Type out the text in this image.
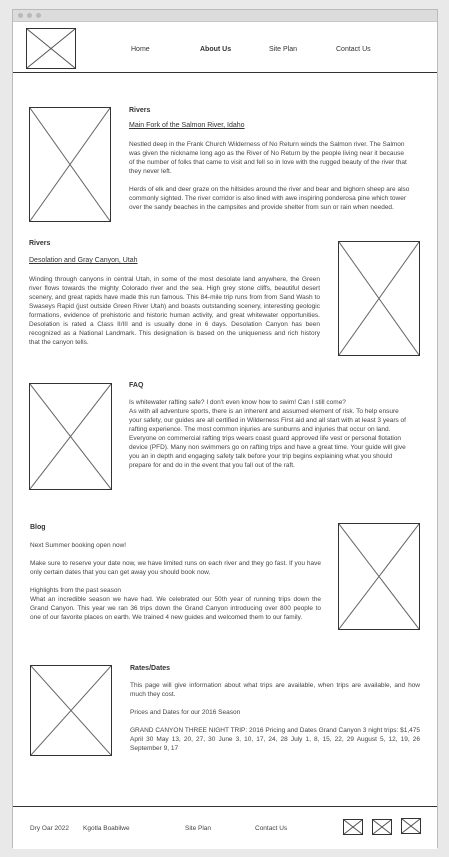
Home	About Us	Site Plan	Contact Us
Rivers
Main Fork of the Salmon River, Idaho

Nestled deep in the Frank Church Wilderness of No Return winds the Salmon river. The Salmon was given the nickname long ago as the River of No Return by the people living near it because of the number of folks that came to visit and fell so in love with the rugged beauty of the river that they never left.

Herds of elk and deer graze on the hillsides around the river and bear and bighorn sheep are also commonly sighted. The river corridor is also lined with awe inspiring ponderosa pine which tower over the sandy beaches in the campsites and provide shelter from sun or rain when needed.

Rivers
Desolation and Gray Canyon, Utah
Winding through canyons in central Utah, in some of the most desolate land anywhere, the Green river flows towards the mighty Colorado river and the sea. High grey stone cliffs, beautiful desert scenery, and great rapids have made this run famous. This 84-mile trip runs from from Sand Wash to Swaseys Rapid (just outside Green River Utah) and boasts outstanding scenery, interesting geologic formations, evidence of prehistoric and historic human activity, and great whitewater opportunities. Desolation is rated a Class II/III and is usually done in 6 days. Desolation Canyon has been recognized as a National Landmark. This designation is based on the uniqueness and rich history that the canyon tells.
FAQ

Is whitewater rafting safe? I don't even know how to swim! Can I still come?

As with all adventure sports, there is an inherent and assumed element of risk. To help ensure your safety, our guides are all certified in Wilderness First aid and all start with at least 3 years of rafting experience. The most common injuries are sunburns and injuries that occur on land.

Everyone on commercial rafting trips wears coast guard approved life vest or personal flotation device (PFD). Many non swimmers go on rafting trips and have a great time. Your guide will give you an in depth and engaging safety talk before your trip begins explaining what you should prepare for and do in the event that you fall out of the raft.

Blog

Next Summer booking open now!

Make sure to reserve your date now, we have limited runs on each river and they go fast. If you have only certain dates that you can get away you should book now.

Highlights from the past season

What an incredible season we have had. We celebrated our 50th year of running trips down the Grand Canyon. This year we ran 36 trips down the Grand Canyon introducing over 800 people to one of our favorite places on earth. We trained 4 new guides and welcomed them to our family.

Rates/Dates

This page will give information about what trips are available, when trips are available, and how much they cost.

Prices and Dates for our 2016 Season

GRAND CANYON THREE NIGHT TRIP: 2016 Pricing and Dates Grand Canyon 3 night trips: $1,475 April 30 May 13, 20, 27, 30 June 3, 10, 17, 24, 28 July 1, 8, 15, 22, 29 August 5, 12, 19, 26 September 9, 17

Dry Oar 2022 Kgotla Boabilwe	Site Plan	Contact Us
